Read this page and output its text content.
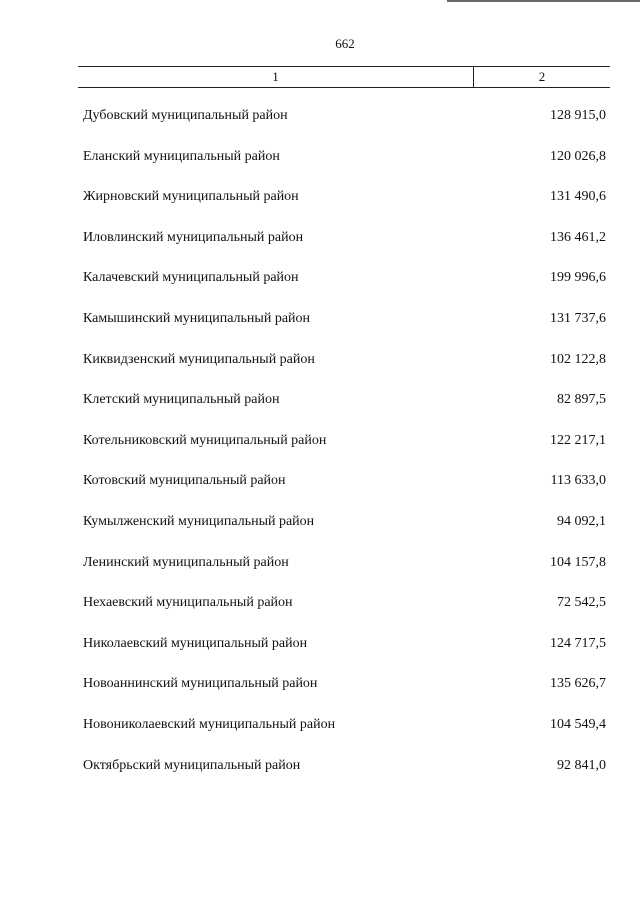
662
1	2
Дубовский муниципальный район	128 915,0
Еланский муниципальный район	120 026,8
Жирновский муниципальный район	131 490,6
Иловлинский муниципальный район	136 461,2
Калачевский муниципальный район	199 996,6
Камышинский муниципальный район	131 737,6
Киквидзенский муниципальный район	102 122,8
Клетский муниципальный район	82 897,5
Котельниковский муниципальный район	122 217,1
Котовский муниципальный район	113 633,0
Кумылженский муниципальный район	94 092,1
Ленинский муниципальный район	104 157,8
Нехаевский муниципальный район	72 542,5
Николаевский муниципальный район	124 717,5
Новоаннинский муниципальный район	135 626,7
Новониколаевский муниципальный район	104 549,4
Октябрьский муниципальный район	92 841,0
